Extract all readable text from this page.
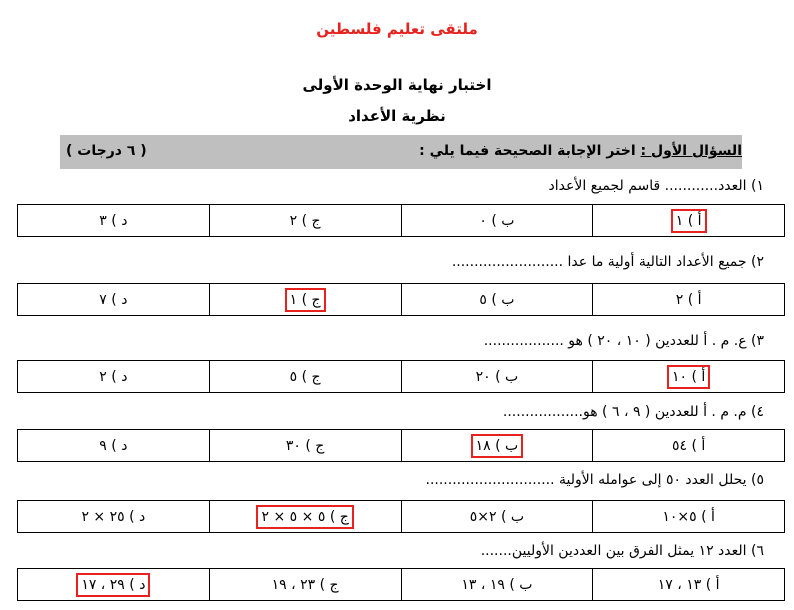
ملتقى تعليم فلسطين
اختبار نهاية الوحدة الأولى
نظرية الأعداد
السؤال الأول : اختر الإجابة الصحيحة فيما يلي :
( ٦ درجات )
١) العدد............ قاسم لجميع الأعداد
أ ) ١	ب ) ٠	ج ) ٢	د ) ٣
٢) جميع الأعداد التالية أولية ما عدا .........................
أ ) ٢	ب ) ٥	ج ) ١	د ) ٧
٣) ع. م . أ للعددين ( ١٠ ، ٢٠ ) هو ..................
أ ) ١٠	ب ) ٢٠	ج ) ٥	د ) ٢
٤) م. م . أ للعددين ( ٩ ، ٦ ) هو..................
أ ) ٥٤	ب ) ١٨	ج ) ٣٠	د ) ٩
٥) يحلل العدد ٥٠ إلى عوامله الأولية .............................
أ ) ٥×١٠	ب ) ٢×٥	ج ) ٥ × ٥ × ٢	د ) ٢٥ × ٢
٦) العدد ١٢ يمثل الفرق بين العددين الأوليين.......
أ ) ١٣ ، ١٧	ب ) ١٩ ، ١٣	ج ) ٢٣ ، ١٩	د ) ٢٩ ، ١٧
